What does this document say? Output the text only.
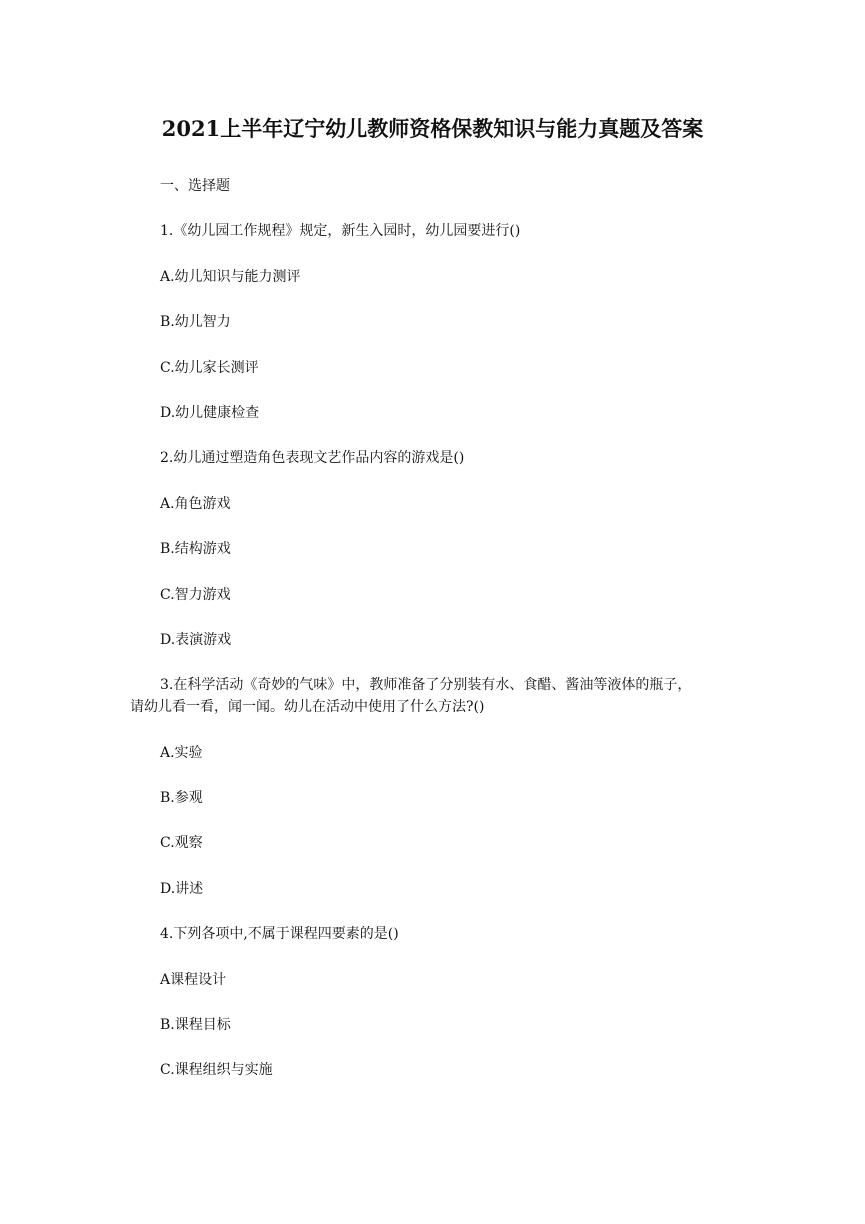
2021上半年辽宁幼儿教师资格保教知识与能力真题及答案
一、选择题
1.《幼儿园工作规程》规定，新生入园时，幼儿园要进行()
A.幼儿知识与能力测评
B.幼儿智力
C.幼儿家长测评
D.幼儿健康检查
2.幼儿通过塑造角色表现文艺作品内容的游戏是()
A.角色游戏
B.结构游戏
C.智力游戏
D.表演游戏
3.在科学活动《奇妙的气味》中，教师准备了分别装有水、食醋、酱油等液体的瓶子，
请幼儿看一看，闻一闻。幼儿在活动中使用了什么方法?()
A.实验
B.参观
C.观察
D.讲述
4.下列各项中,不属于课程四要素的是()
A课程设计
B.课程目标
C.课程组织与实施
